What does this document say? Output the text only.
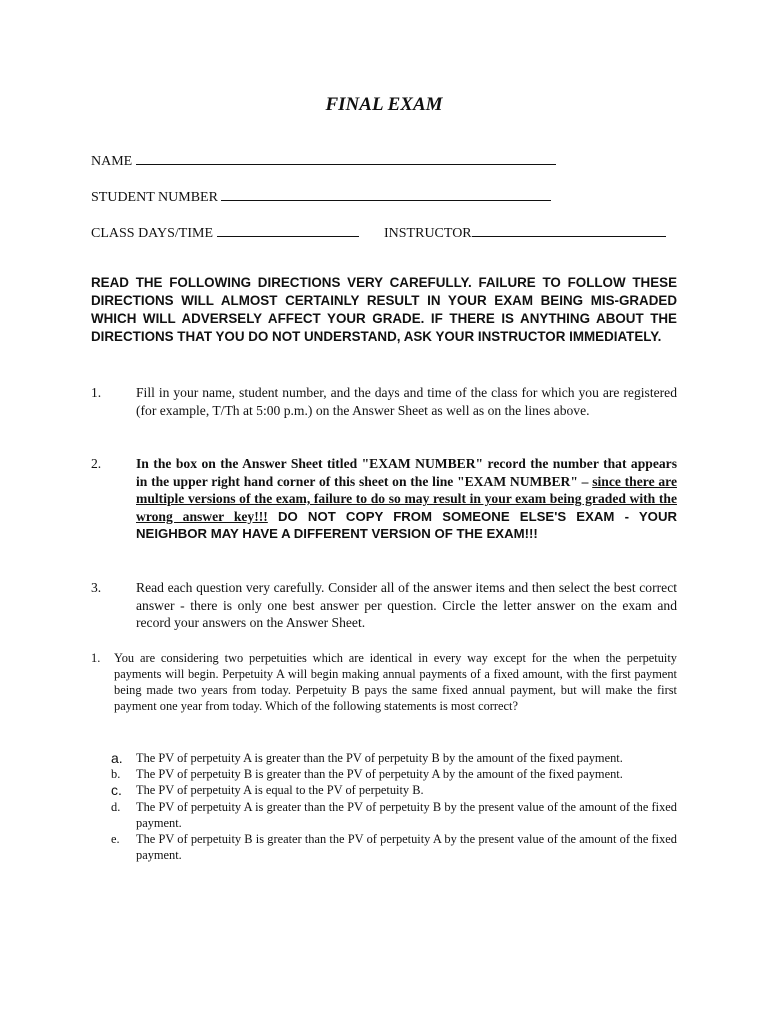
FINAL EXAM
NAME
STUDENT NUMBER
CLASS DAYS/TIME	INSTRUCTOR
READ THE FOLLOWING DIRECTIONS VERY CAREFULLY. FAILURE TO FOLLOW THESE DIRECTIONS WILL ALMOST CERTAINLY RESULT IN YOUR EXAM BEING MIS-GRADED WHICH WILL ADVERSELY AFFECT YOUR GRADE. IF THERE IS ANYTHING ABOUT THE DIRECTIONS THAT YOU DO NOT UNDERSTAND, ASK YOUR INSTRUCTOR IMMEDIATELY.
1.	Fill in your name, student number, and the days and time of the class for which you are registered (for example, T/Th at 5:00 p.m.) on the Answer Sheet as well as on the lines above.
2.	In the box on the Answer Sheet titled "EXAM NUMBER" record the number that appears in the upper right hand corner of this sheet on the line "EXAM NUMBER" – since there are multiple versions of the exam, failure to do so may result in your exam being graded with the wrong answer key!!! DO NOT COPY FROM SOMEONE ELSE'S EXAM - YOUR NEIGHBOR MAY HAVE A DIFFERENT VERSION OF THE EXAM!!!
3.	Read each question very carefully. Consider all of the answer items and then select the best correct answer - there is only one best answer per question. Circle the letter answer on the exam and record your answers on the Answer Sheet.
1. You are considering two perpetuities which are identical in every way except for the when the perpetuity payments will begin. Perpetuity A will begin making annual payments of a fixed amount, with the first payment being made two years from today. Perpetuity B pays the same fixed annual payment, but will make the first payment one year from today. Which of the following statements is most correct?
a. The PV of perpetuity A is greater than the PV of perpetuity B by the amount of the fixed payment.
b. The PV of perpetuity B is greater than the PV of perpetuity A by the amount of the fixed payment.
c. The PV of perpetuity A is equal to the PV of perpetuity B.
d. The PV of perpetuity A is greater than the PV of perpetuity B by the present value of the amount of the fixed payment.
e. The PV of perpetuity B is greater than the PV of perpetuity A by the present value of the amount of the fixed payment.
